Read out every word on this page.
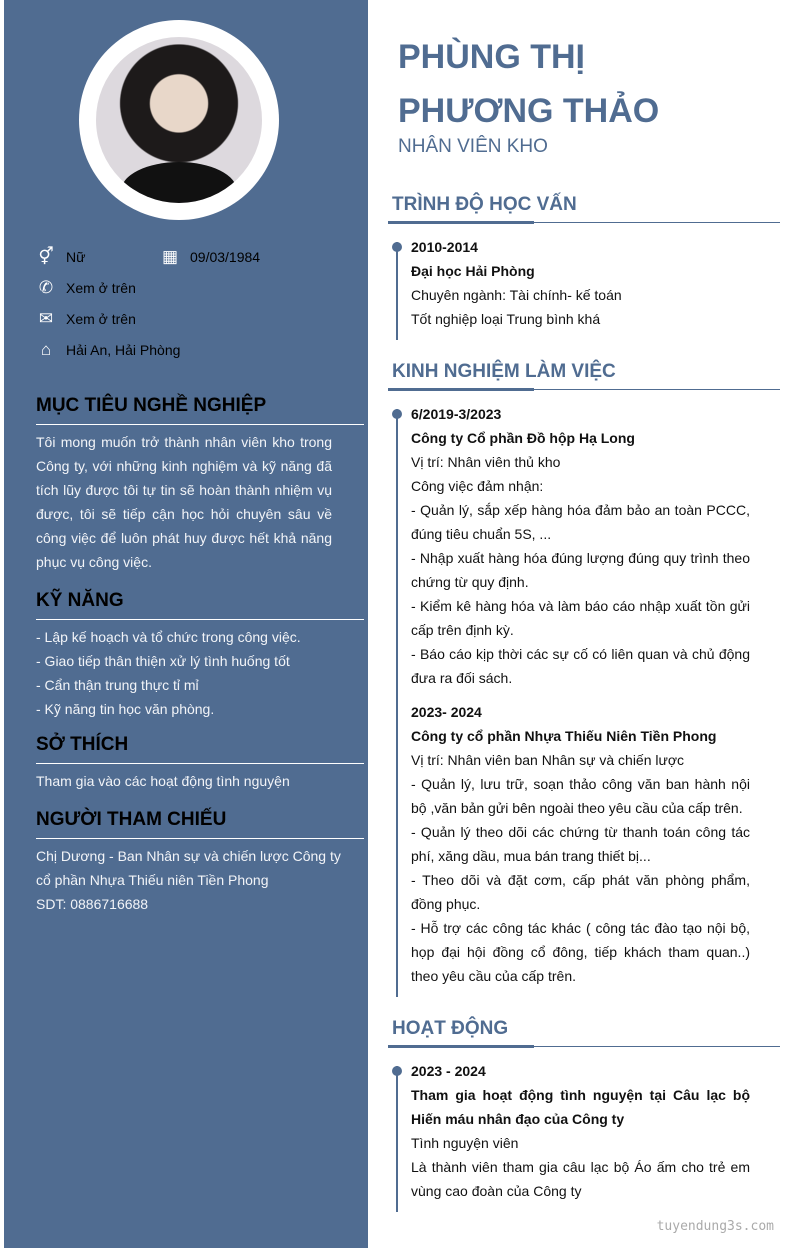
⚥ Nữ	▦ 09/03/1984
✆ Xem ở trên
✉ Xem ở trên
⌂	Hải An, Hải Phòng
MỤC TIÊU NGHỀ NGHIỆP
Tôi mong muốn trở thành nhân viên kho trong Công ty, với những kinh nghiệm và kỹ năng đã tích lũy được tôi tự tin sẽ hoàn thành nhiệm vụ được, tôi sẽ tiếp cận học hỏi chuyên sâu về công việc để luôn phát huy được hết khả năng phục vụ công việc.
KỸ NĂNG
- Lập kế hoạch và tổ chức trong công việc.
- Giao tiếp thân thiện xử lý tình huống tốt
- Cẩn thận trung thực tỉ mỉ
- Kỹ năng tin học văn phòng.
SỞ THÍCH
Tham gia vào các hoạt động tình nguyện
NGƯỜI THAM CHIẾU
Chị Dương - Ban Nhân sự và chiến lược Công ty cổ phần Nhựa Thiếu niên Tiền Phong
SDT: 0886716688
PHÙNG THỊ
PHƯƠNG THẢO
NHÂN VIÊN KHO
TRÌNH ĐỘ HỌC VẤN
2010-2014
Đại học Hải Phòng
Chuyên ngành: Tài chính- kế toán
Tốt nghiệp loại Trung bình khá
KINH NGHIỆM LÀM VIỆC
6/2019-3/2023
Công ty Cổ phần Đồ hộp Hạ Long
Vị trí: Nhân viên thủ kho
Công việc đảm nhận:
- Quản lý, sắp xếp hàng hóa đảm bảo an toàn PCCC, đúng tiêu chuẩn 5S, ...
- Nhập xuất hàng hóa đúng lượng đúng quy trình theo chứng từ quy định.
- Kiểm kê hàng hóa và làm báo cáo nhập xuất tồn gửi cấp trên định kỳ.
- Báo cáo kịp thời các sự cố có liên quan và chủ động đưa ra đối sách.
2023- 2024
Công ty cổ phần Nhựa Thiếu Niên Tiền Phong
Vị trí: Nhân viên ban Nhân sự và chiến lược
- Quản lý, lưu trữ, soạn thảo công văn ban hành nội bộ ,văn bản gửi bên ngoài theo yêu cầu của cấp trên.
- Quản lý theo dõi các chứng từ thanh toán công tác phí, xăng dầu, mua bán trang thiết bị...
- Theo dõi và đặt cơm, cấp phát văn phòng phẩm, đồng phục.
- Hỗ trợ các công tác khác ( công tác đào tạo nội bộ, họp đại hội đồng cổ đông, tiếp khách tham quan..) theo yêu cầu của cấp trên.
HOẠT ĐỘNG
2023 - 2024
Tham gia hoạt động tình nguyện tại Câu lạc bộ Hiến máu nhân đạo của Công ty
Tình nguyện viên
Là thành viên tham gia câu lạc bộ Áo ấm cho trẻ em vùng cao đoàn của Công ty
tuyendung3s.com
